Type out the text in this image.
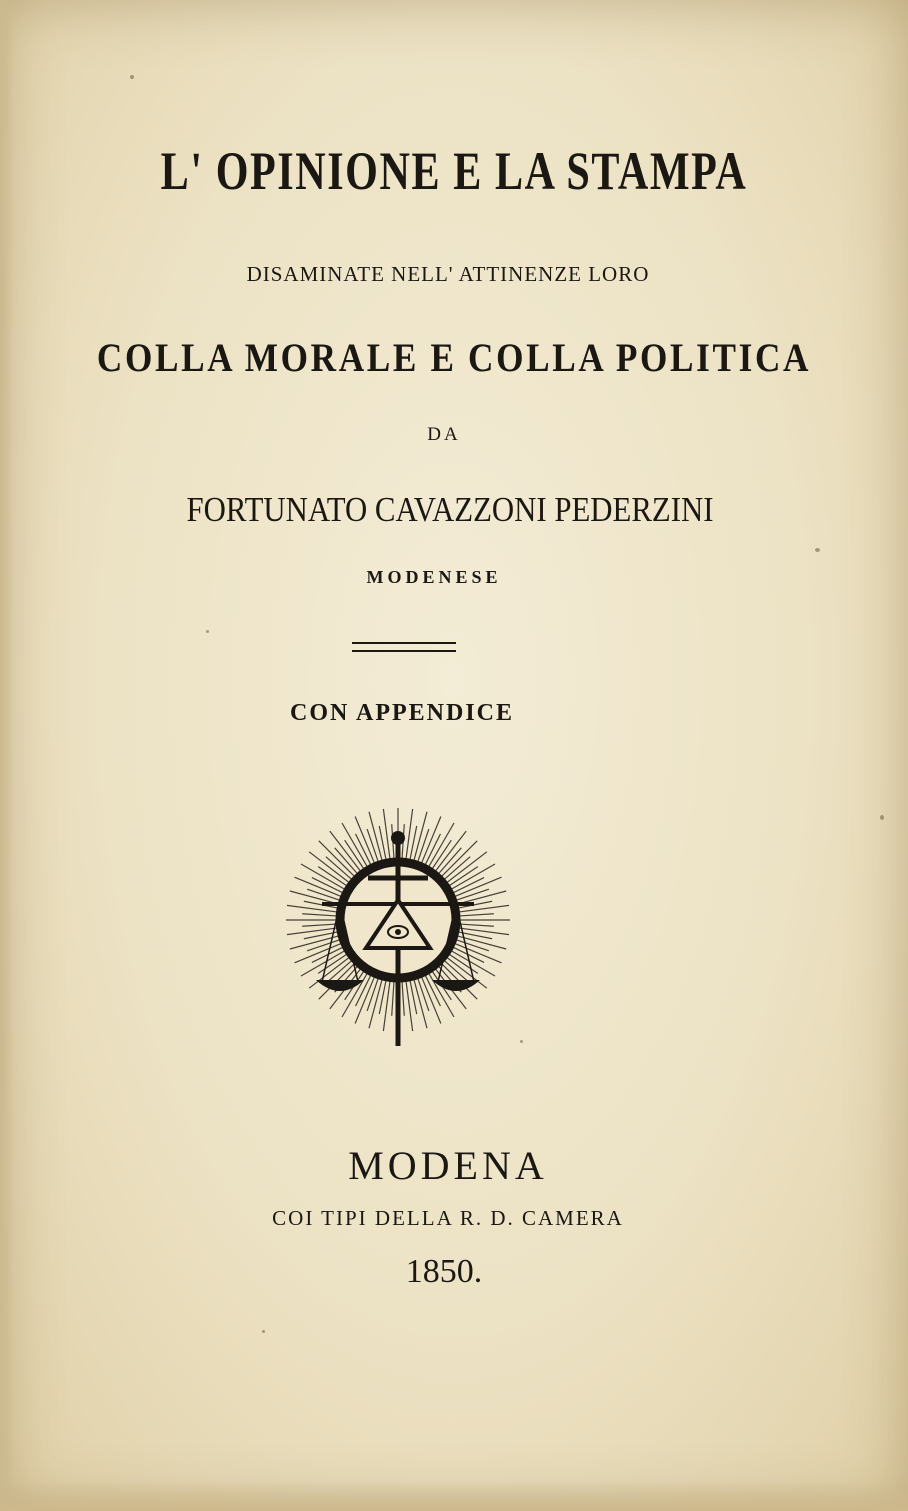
L' OPINIONE E LA STAMPA
DISAMINATE NELL' ATTINENZE LORO
COLLA MORALE E COLLA POLITICA
DA
FORTUNATO CAVAZZONI PEDERZINI
MODENESE
CON APPENDICE
MODENA
COI TIPI DELLA R. D. CAMERA
1850.
